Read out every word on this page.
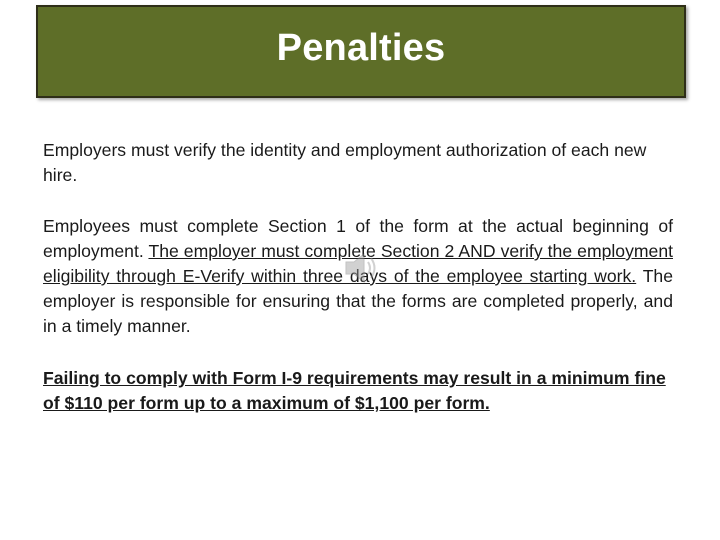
Penalties

Employers must verify the identity and employment authorization of each new hire.

Employees must complete Section 1 of the form at the actual beginning of employment. The employer must complete Section 2 AND verify the employment eligibility through E-Verify within three days of the employee starting work. The employer is responsible for ensuring that the forms are completed properly, and in a timely manner.

Failing to comply with Form I-9 requirements may result in a minimum fine of $110 per form up to a maximum of $1,100 per form.
